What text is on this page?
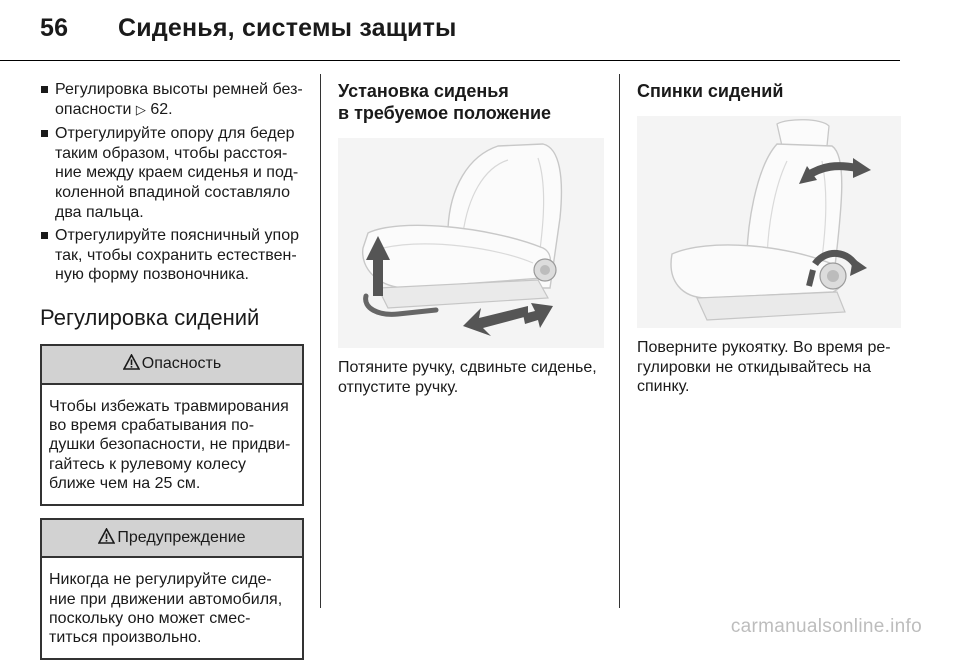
56 Сиденья, системы защиты
Регулировка высоты ремней без-опасности ▷ 62.
Отрегулируйте опору для бедер таким образом, чтобы расстоя-ние между краем сиденья и под-коленной впадиной составляло два пальца.
Отрегулируйте поясничный упор так, чтобы сохранить естествен-ную форму позвоночника.
Регулировка сидений
Опасность
Чтобы избежать травмирования во время срабатывания по-душки безопасности, не придви-гайтесь к рулевому колесу ближе чем на 25 см.
Предупреждение
Никогда не регулируйте сиде-ние при движении автомобиля, поскольку оно может смес-титься произвольно.
Установка сиденья
в требуемое положение
Потяните ручку, сдвиньте сиденье, отпустите ручку.
Спинки сидений
Поверните рукоятку. Во время ре-гулировки не откидывайтесь на спинку.
carmanualsonline.info
